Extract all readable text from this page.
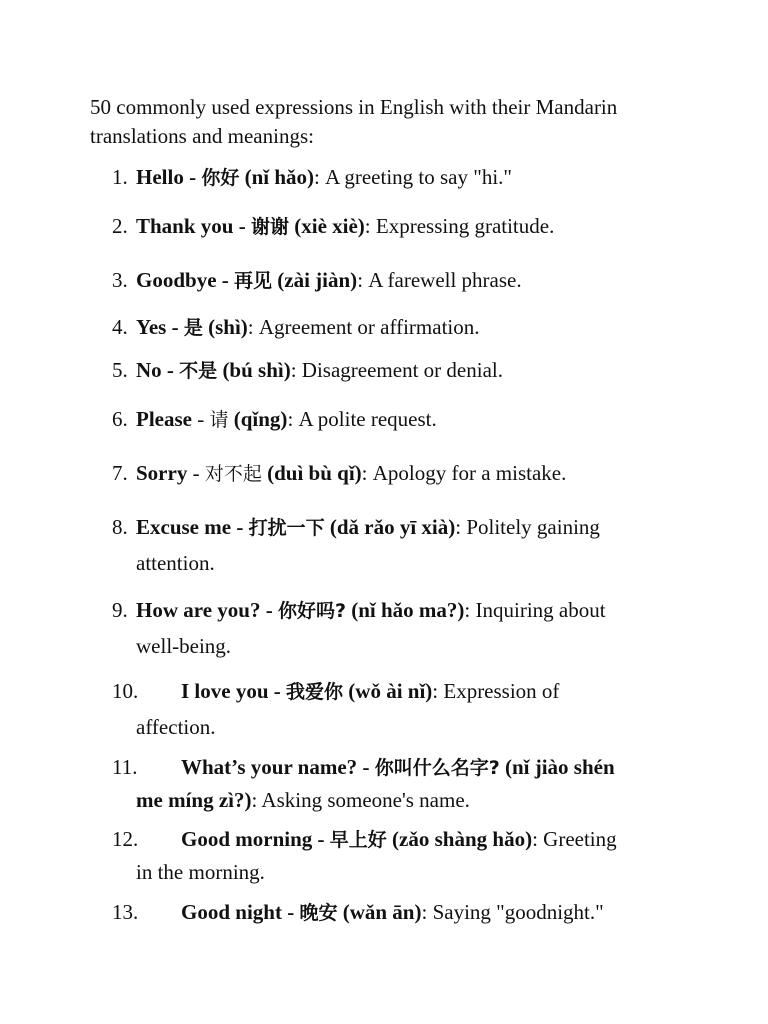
50 commonly used expressions in English with their Mandarin
translations and meanings:
1. Hello - 你好 (nǐ hǎo): A greeting to say "hi."
2. Thank you - 谢谢 (xiè xiè): Expressing gratitude.
3. Goodbye - 再见 (zài jiàn): A farewell phrase.
4. Yes - 是 (shì): Agreement or affirmation.
5. No - 不是 (bú shì): Disagreement or denial.
6. Please - 请 (qǐng): A polite request.
7. Sorry - 对不起 (duì bù qǐ): Apology for a mistake.
8. Excuse me - 打扰一下 (dǎ rǎo yī xià): Politely gaining
attention.
9. How are you? - 你好吗? (nǐ hǎo ma?): Inquiring about
well-being.
10. I love you - 我爱你 (wǒ ài nǐ): Expression of
affection.
11. What’s your name? - 你叫什么名字? (nǐ jiào shén
me míng zì?): Asking someone's name.
12. Good morning - 早上好 (zǎo shàng hǎo): Greeting
in the morning.
13. Good night - 晚安 (wǎn ān): Saying "goodnight."
